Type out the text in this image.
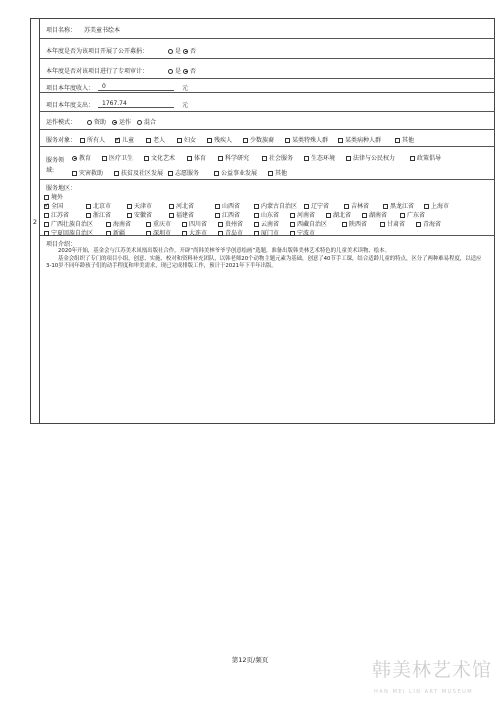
2
项目名称： 苏美童书绘本
本年度是否为该项目开展了公开募捐：	是	否
本年度是否对该项目进行了专项审计：	是	否
项目本年度收入： 0	元
项目本年度支出： 1767.74	元
运作模式：	资助	运作	混合
服务对象：	所有人
✓	儿童	老人	妇女	残疾人	少数族裔	某类特殊人群	某类病种人群	其他
服务领
域:
教育	医疗卫生	文化艺术	体育	科学研究	社会服务	生态环境	法律与公民权力	政策倡导
灾害救助	扶贫及社区发展	志愿服务	公益事业发展	其他
服务地区：
境外
✓全国	北京市	天津市	河北省	山西省	内蒙古自治区	辽宁省	吉林省	黑龙江省	上海市
江苏省	浙江省	安徽省	福建省	江西省	山东省	河南省	湖北省	湖南省	广东省
广西壮族自治区	海南省	重庆市	四川省	贵州省	云南省	西藏自治区	陕西省	甘肃省	青海省
宁夏回族自治区	新疆	深圳市	大连市	青岛市	厦门市	宁波市
项目介绍：

2020年开始，基金会与江苏美术凤凰出版社合作，开辟“尚韩美林爷爷学创意绘画”选题，准备出版韩美林艺术特色的儿童美术读物、绘本。

基金会组织了专门的项目小组，创意、实施、校对和资料补充团队，以韩老师20个动物主题元素为基础，创意了40节手工课，结合适龄儿童的特点，区分了两种难易程度，以适应3-10岁不同年龄孩子们的动手程度和审美需求，现已完成排版工作，预计于2021年下半年出版。

第12页/频页	韩美林艺术馆
HAN MEI LIN ART MUSEUM
